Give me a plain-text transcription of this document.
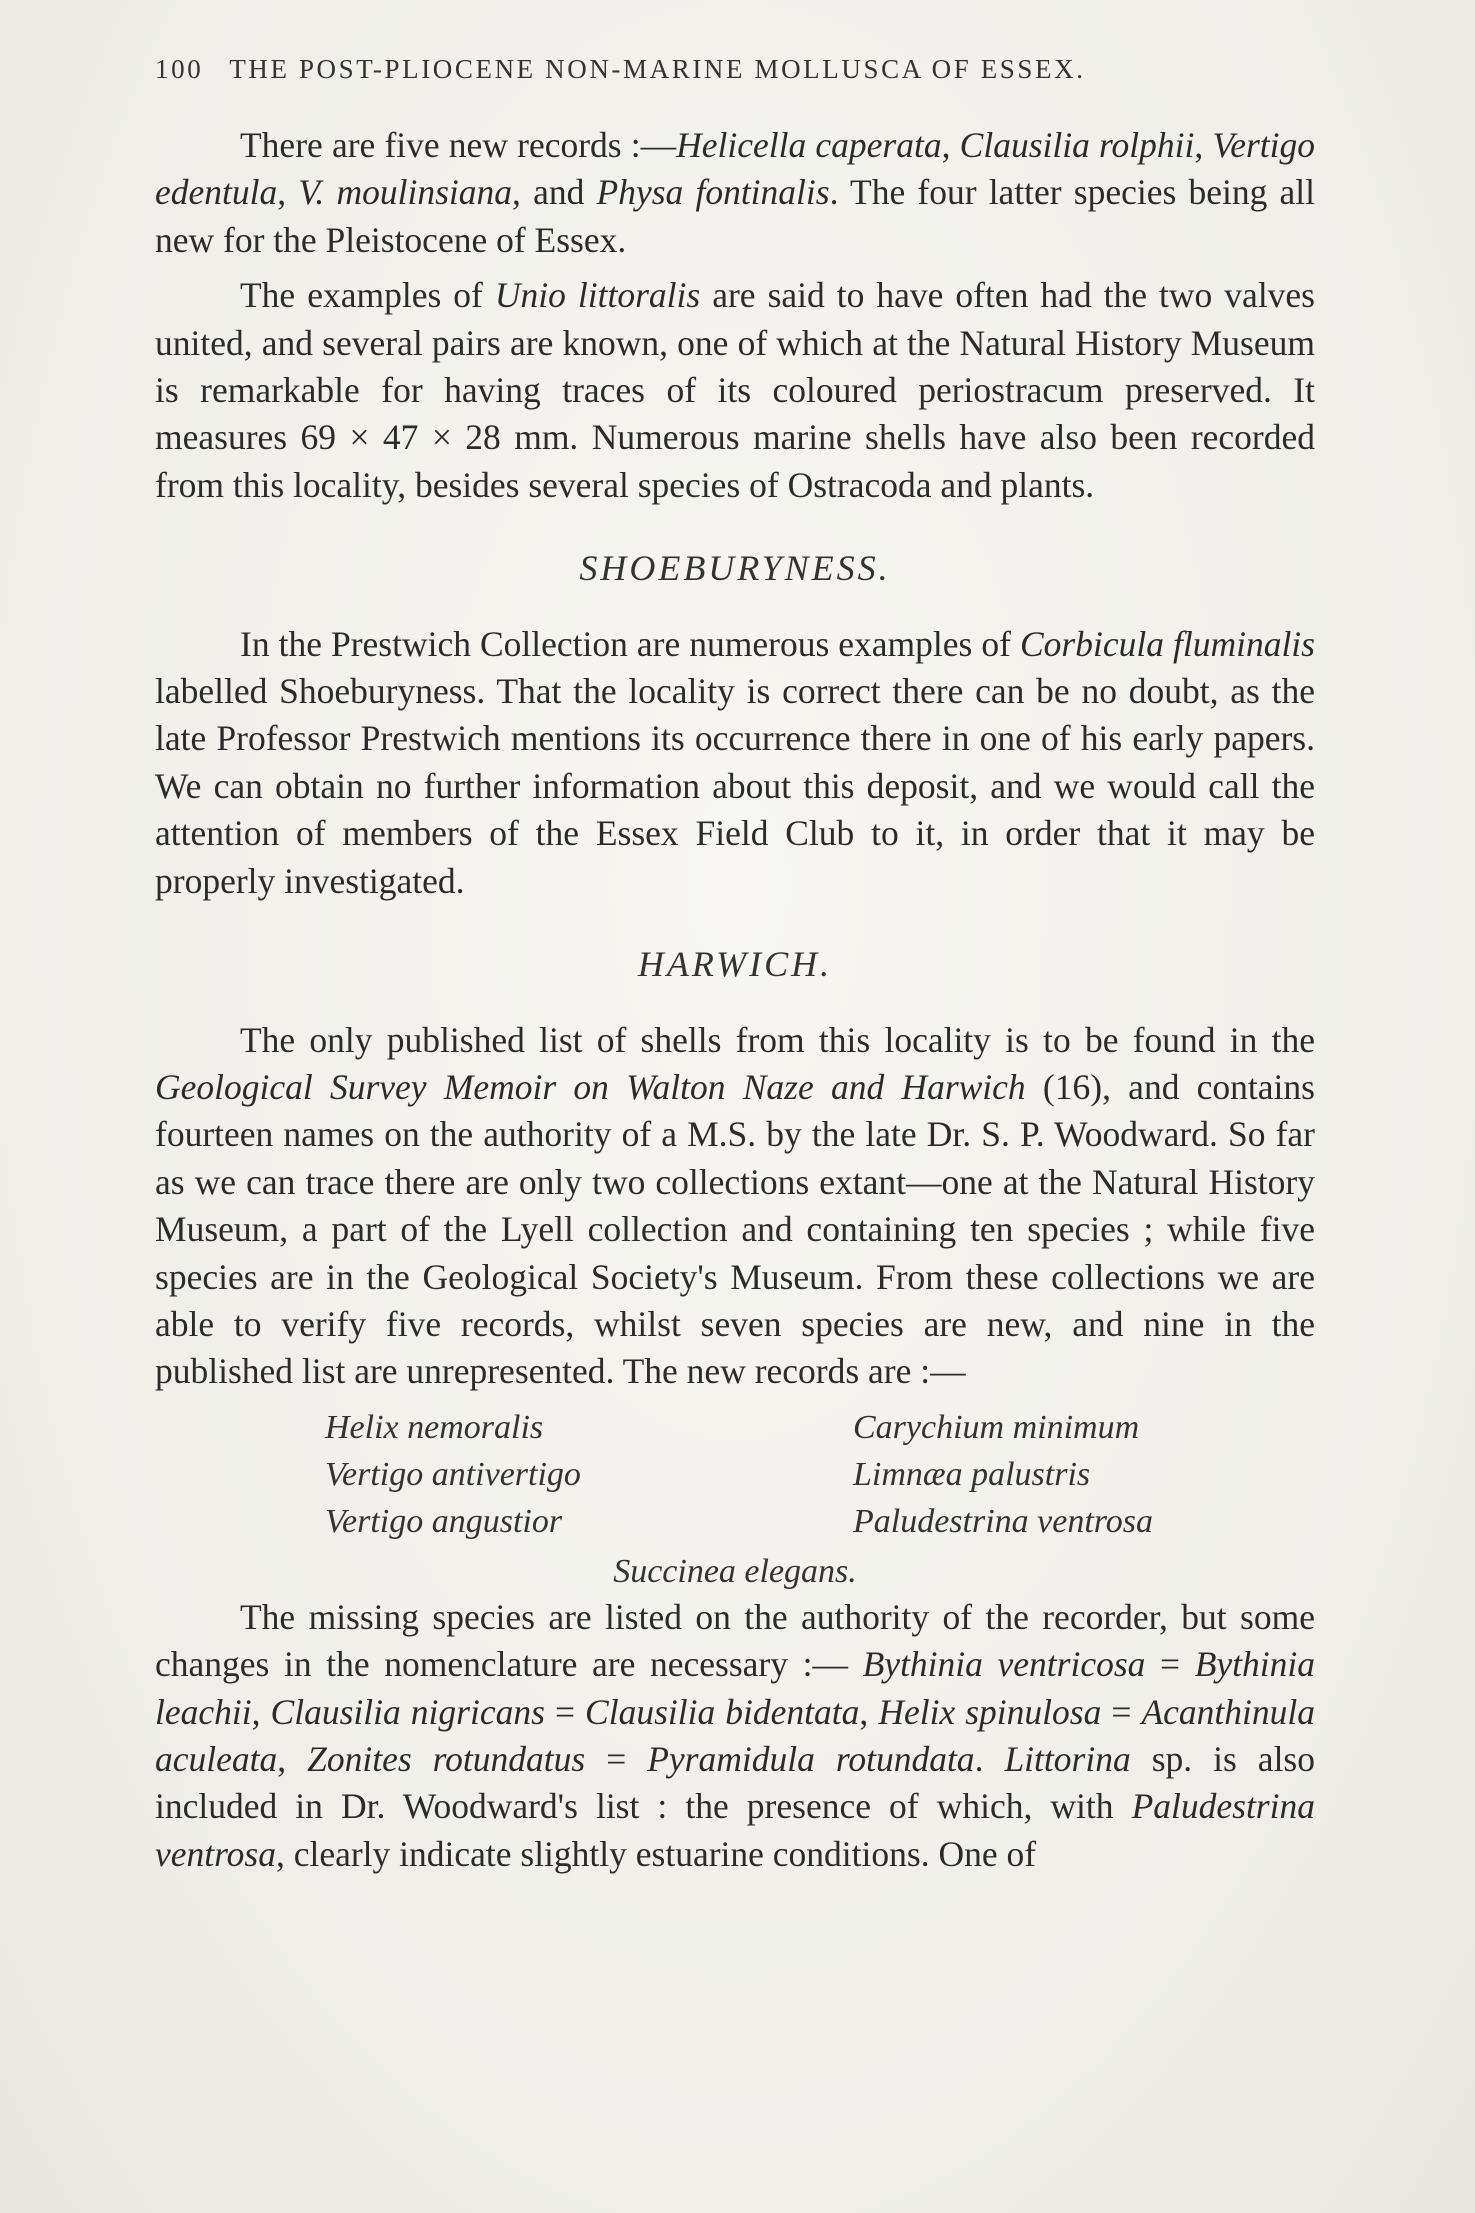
100 THE POST-PLIOCENE NON-MARINE MOLLUSCA OF ESSEX.

There are five new records :—Helicella caperata, Clausilia rolphii, Vertigo edentula, V. moulinsiana, and Physa fontinalis. The four latter species being all new for the Pleistocene of Essex.

The examples of Unio littoralis are said to have often had the two valves united, and several pairs are known, one of which at the Natural History Museum is remarkable for having traces of its coloured periostracum preserved. It measures 69 × 47 × 28 mm. Numerous marine shells have also been recorded from this locality, besides several species of Ostracoda and plants.

SHOEBURYNESS.

In the Prestwich Collection are numerous examples of Corbicula fluminalis labelled Shoeburyness. That the locality is correct there can be no doubt, as the late Professor Prestwich mentions its occurrence there in one of his early papers. We can obtain no further information about this deposit, and we would call the attention of members of the Essex Field Club to it, in order that it may be properly investigated.

HARWICH.

The only published list of shells from this locality is to be found in the Geological Survey Memoir on Walton Naze and Harwich (16), and contains fourteen names on the authority of a M.S. by the late Dr. S. P. Woodward. So far as we can trace there are only two collections extant—one at the Natural History Museum, a part of the Lyell collection and containing ten species ; while five species are in the Geological Society's Museum. From these collections we are able to verify five records, whilst seven species are new, and nine in the published list are unrepresented. The new records are :—

Helix nemoralis	Carychium minimum
Vertigo antivertigo	Limnæa palustris
Vertigo angustior	Paludestrina ventrosa
Succinea elegans.

The missing species are listed on the authority of the recorder, but some changes in the nomenclature are necessary :— Bythinia ventricosa = Bythinia leachii, Clausilia nigricans = Clausilia bidentata, Helix spinulosa = Acanthinula aculeata, Zonites rotundatus = Pyramidula rotundata. Littorina sp. is also included in Dr. Woodward's list : the presence of which, with Paludestrina ventrosa, clearly indicate slightly estuarine conditions. One of
